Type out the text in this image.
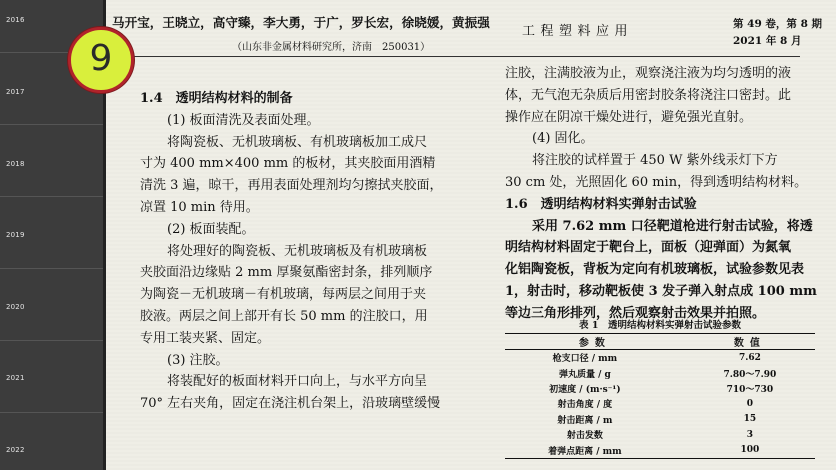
2016
2017
2018
2019
2020
2021
2022
马开宝，王晓立，高守臻，李大勇，于广，罗长宏，徐晓媛，黄振强
（山东非金属材料研究所，济南　250031）
工程塑料应用	第 49 卷，第 8 期
2021 年 8 月
9

1.4　透明结构材料的制备

(1) 板面清洗及表面处理。

将陶瓷板、无机玻璃板、有机玻璃板加工成尺

寸为 400 mm×400 mm 的板材，其夹胶面用酒精

清洗 3 遍，晾干，再用表面处理剂均匀擦拭夹胶面，

凉置 10 min 待用。

(2) 板面装配。

将处理好的陶瓷板、无机玻璃板及有机玻璃板

夹胶面沿边缘贴 2 mm 厚聚氨酯密封条，排列顺序

为陶瓷－无机玻璃－有机玻璃，每两层之间用于夹

胶液。两层之间上部开有长 50 mm 的注胶口，用

专用工装夹紧、固定。

(3) 注胶。

将装配好的板面材料开口向上，与水平方向呈

70° 左右夹角，固定在浇注机台架上，沿玻璃壁缓慢

注胶，注满胶液为止，观察浇注液为均匀透明的液

体，无气泡无杂质后用密封胶条将浇注口密封。此

操作应在阴凉干燥处进行，避免强光直射。

(4) 固化。

将注胶的试样置于 450 W 紫外线汞灯下方

30 cm 处，光照固化 60 min，得到透明结构材料。

1.6　透明结构材料实弹射击试验

采用 7.62 mm 口径靶道枪进行射击试验，将透

明结构材料固定于靶台上，面板（迎弹面）为氮氧

化铝陶瓷板，背板为定向有机玻璃板，试验参数见表

1，射击时，移动靶板使 3 发子弹入射点成 100 mm

等边三角形排列，然后观察射击效果并拍照。

表 1　透明结构材料实弹射击试验参数
参数	数值
枪支口径 / mm	7.62
弹丸质量 / g	7.80～7.90
初速度 / (m·s⁻¹)	710～730
射击角度 / 度	0
射击距离 / m	15
射击发数	3
着弹点距离 / mm	100
